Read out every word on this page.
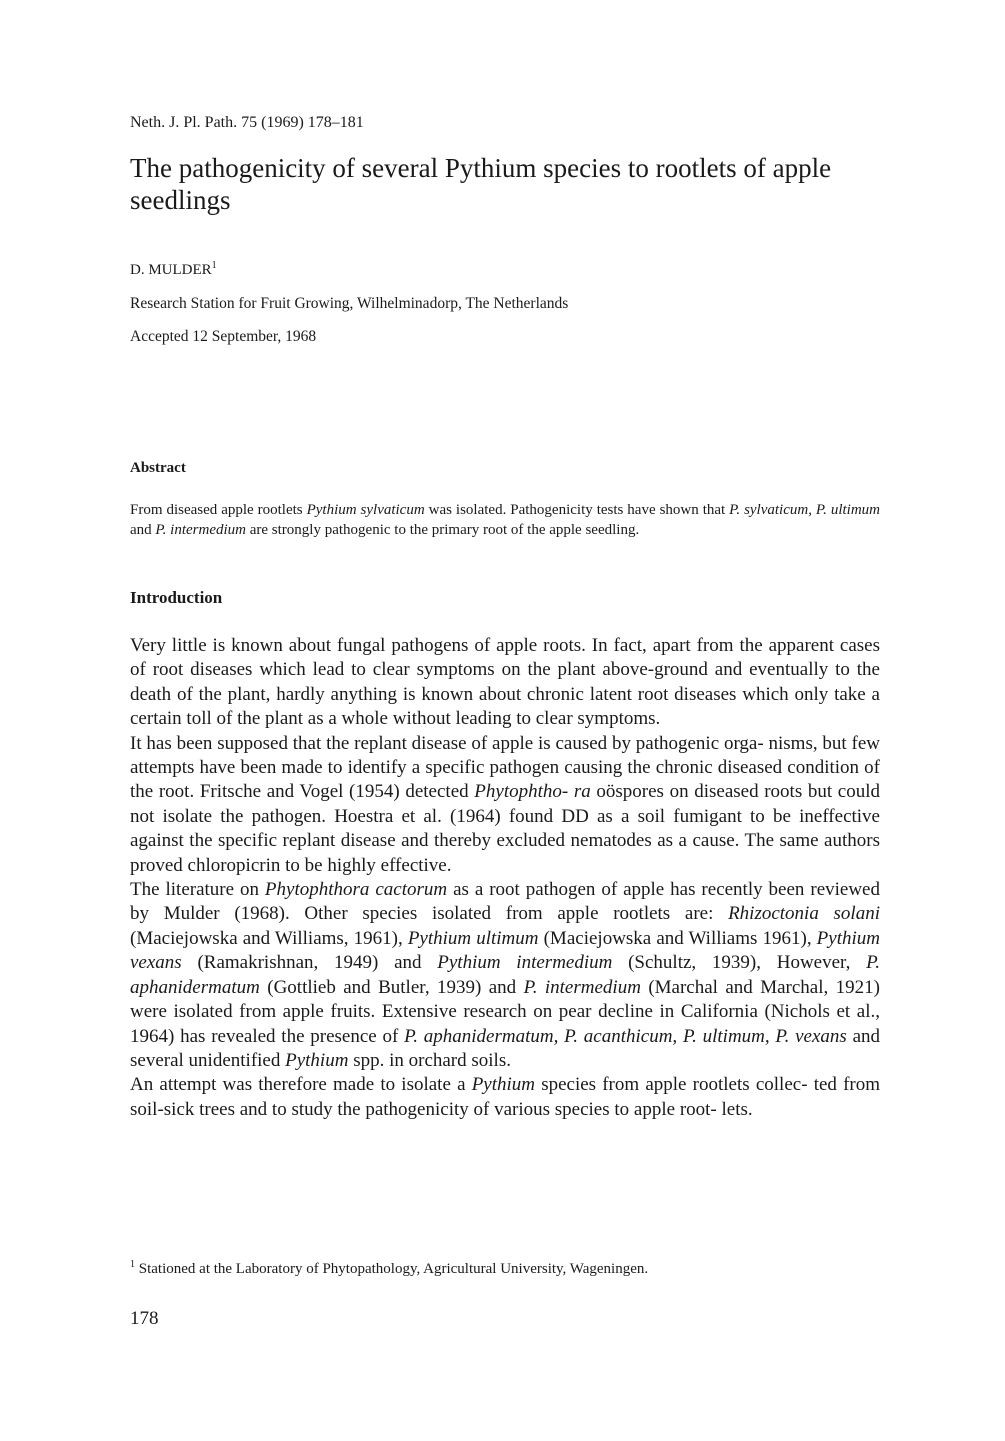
Neth. J. Pl. Path. 75 (1969) 178–181
The pathogenicity of several Pythium species to rootlets of apple seedlings
D. MULDER$^1$
Research Station for Fruit Growing, Wilhelminadorp, The Netherlands
Accepted 12 September, 1968
Abstract
From diseased apple rootlets Pythium sylvaticum was isolated. Pathogenicity tests have shown that P. sylvaticum, P. ultimum and P. intermedium are strongly pathogenic to the primary root of the apple seedling.
Introduction

Very little is known about fungal pathogens of apple roots. In fact, apart from the apparent cases of root diseases which lead to clear symptoms on the plant above-ground and eventually to the death of the plant, hardly anything is known about chronic latent root diseases which only take a certain toll of the plant as a whole without leading to clear symptoms.

It has been supposed that the replant disease of apple is caused by pathogenic orga- nisms, but few attempts have been made to identify a specific pathogen causing the chronic diseased condition of the root. Fritsche and Vogel (1954) detected Phytophtho- ra oöspores on diseased roots but could not isolate the pathogen. Hoestra et al. (1964) found DD as a soil fumigant to be ineffective against the specific replant disease and thereby excluded nematodes as a cause. The same authors proved chloropicrin to be highly effective.

The literature on Phytophthora cactorum as a root pathogen of apple has recently been reviewed by Mulder (1968). Other species isolated from apple rootlets are: Rhizoctonia solani (Maciejowska and Williams, 1961), Pythium ultimum (Maciejowska and Williams 1961), Pythium vexans (Ramakrishnan, 1949) and Pythium intermedium (Schultz, 1939), However, P. aphanidermatum (Gottlieb and Butler, 1939) and P. intermedium (Marchal and Marchal, 1921) were isolated from apple fruits. Extensive research on pear decline in California (Nichols et al., 1964) has revealed the presence of P. aphanidermatum, P. acanthicum, P. ultimum, P. vexans and several unidentified Pythium spp. in orchard soils.

An attempt was therefore made to isolate a Pythium species from apple rootlets collec- ted from soil-sick trees and to study the pathogenicity of various species to apple root- lets.

$^1$ Stationed at the Laboratory of Phytopathology, Agricultural University, Wageningen.
178
